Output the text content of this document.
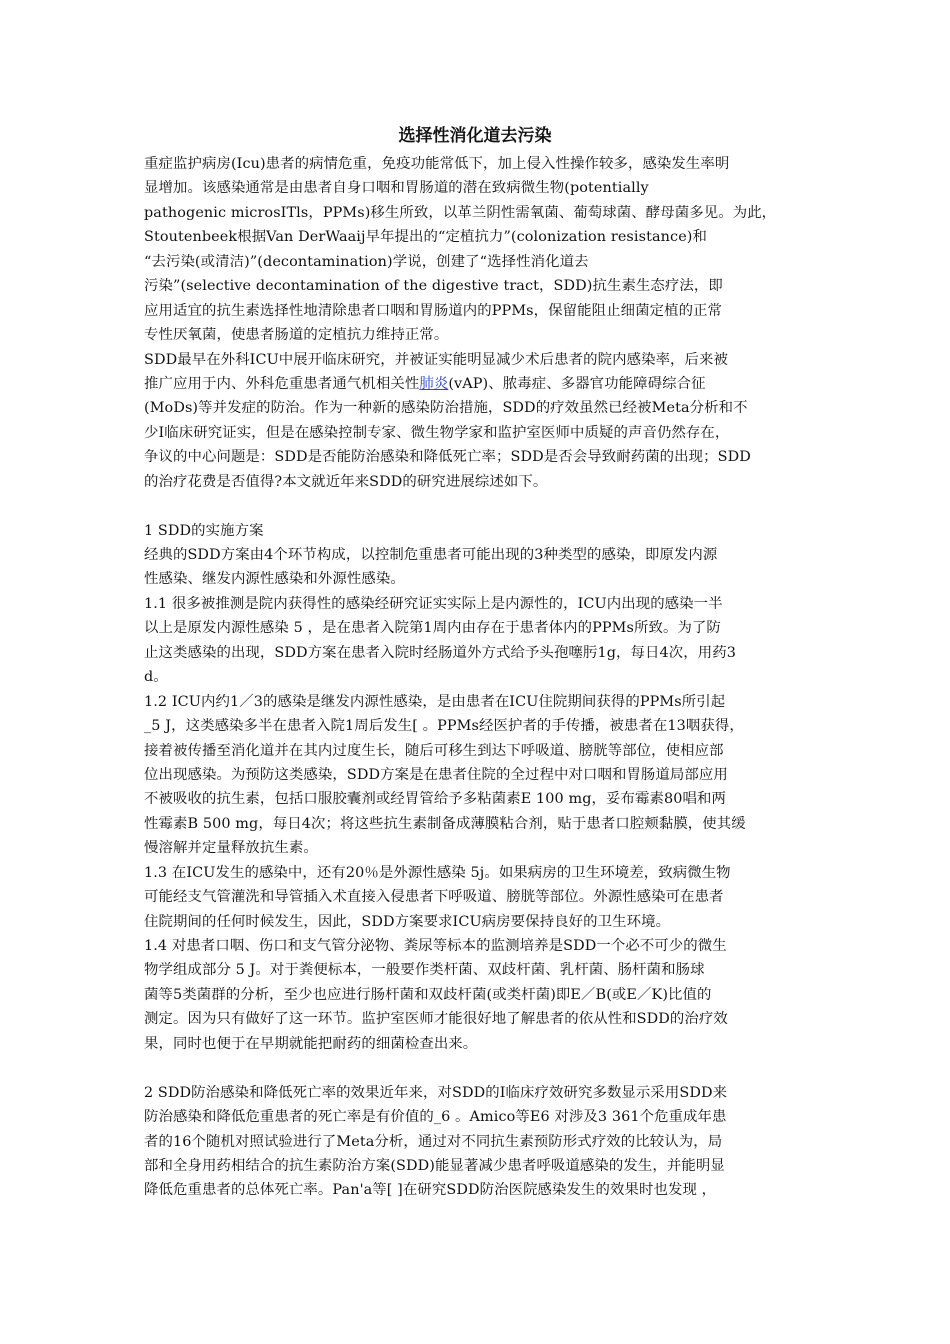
选择性消化道去污染
重症监护病房(Icu)患者的病情危重，免疫功能常低下，加上侵入性操作较多，感染发生率明
显增加。该感染通常是由患者自身口咽和胃肠道的潜在致病微生物(potentially
pathogenic microsITls，PPMs)移生所致，以革兰阴性需氧菌、葡萄球菌、酵母菌多见。为此，
Stoutenbeek根据Van DerWaaij早年提出的“定植抗力”(colonization resistance)和
“去污染(或清洁)”(decontamination)学说，创建了“选择性消化道去
污染”(selective decontamination of the digestive tract，SDD)抗生素生态疗法，即
应用适宜的抗生素选择性地清除患者口咽和胃肠道内的PPMs，保留能阻止细菌定植的正常
专性厌氧菌，使患者肠道的定植抗力维持正常。
SDD最早在外科ICU中展开临床研究，并被证实能明显减少术后患者的院内感染率，后来被
推广应用于内、外科危重患者通气机相关性肺炎(vAP)、脓毒症、多器官功能障碍综合征
(MoDs)等并发症的防治。作为一种新的感染防治措施，SDD的疗效虽然已经被Meta分析和不
少I临床研究证实，但是在感染控制专家、微生物学家和监护室医师中质疑的声音仍然存在，
争议的中心问题是：SDD是否能防治感染和降低死亡率；SDD是否会导致耐药菌的出现；SDD
的治疗花费是否值得?本文就近年来SDD的研究进展综述如下。
1 SDD的实施方案
经典的SDD方案由4个环节构成，以控制危重患者可能出现的3种类型的感染，即原发内源
性感染、继发内源性感染和外源性感染。
1.1 很多被推测是院内获得性的感染经研究证实实际上是内源性的，ICU内出现的感染一半
以上是原发内源性感染 5 ，是在患者入院第1周内由存在于患者体内的PPMs所致。为了防
止这类感染的出现，SDD方案在患者入院时经肠道外方式给予头孢噻肟1g，每日4次，用药3
d。
1.2 ICU内约1／3的感染是继发内源性感染，是由患者在ICU住院期间获得的PPMs所引起
_5 J，这类感染多半在患者入院1周后发生[ 。PPMs经医护者的手传播，被患者在13咽获得，
接着被传播至消化道并在其内过度生长，随后可移生到达下呼吸道、膀胱等部位，使相应部
位出现感染。为预防这类感染，SDD方案是在患者住院的全过程中对口咽和胃肠道局部应用
不被吸收的抗生素，包括口服胶囊剂或经胃管给予多粘菌素E 100 mg，妥布霉素80唱和两
性霉素B 500 mg，每日4次；将这些抗生素制备成薄膜粘合剂，贴于患者口腔颊黏膜，使其缓
慢溶解并定量释放抗生素。
1.3 在ICU发生的感染中，还有20％是外源性感染 5j。如果病房的卫生环境差，致病微生物
可能经支气管灌洗和导管插入术直接入侵患者下呼吸道、膀胱等部位。外源性感染可在患者
住院期间的任何时候发生，因此，SDD方案要求ICU病房要保持良好的卫生环境。
1.4 对患者口咽、伤口和支气管分泌物、粪尿等标本的监测培养是SDD一个必不可少的微生
物学组成部分 5 J。对于粪便标本，一般要作类杆菌、双歧杆菌、乳杆菌、肠杆菌和肠球
菌等5类菌群的分析，至少也应进行肠杆菌和双歧杆菌(或类杆菌)即E／B(或E／K)比值的
测定。因为只有做好了这一环节。监护室医师才能很好地了解患者的依从性和SDD的治疗效
果，同时也便于在早期就能把耐药的细菌检查出来。
2 SDD防治感染和降低死亡率的效果近年来，对SDD的I临床疗效研究多数显示采用SDD来
防治感染和降低危重患者的死亡率是有价值的_6 。Amico等E6 对涉及3 361个危重成年患
者的16个随机对照试验进行了Meta分析，通过对不同抗生素预防形式疗效的比较认为，局
部和全身用药相结合的抗生素防治方案(SDD)能显著减少患者呼吸道感染的发生，并能明显
降低危重患者的总体死亡率。Pan'a等[ ]在研究SDD防治医院感染发生的效果时也发现 ，
